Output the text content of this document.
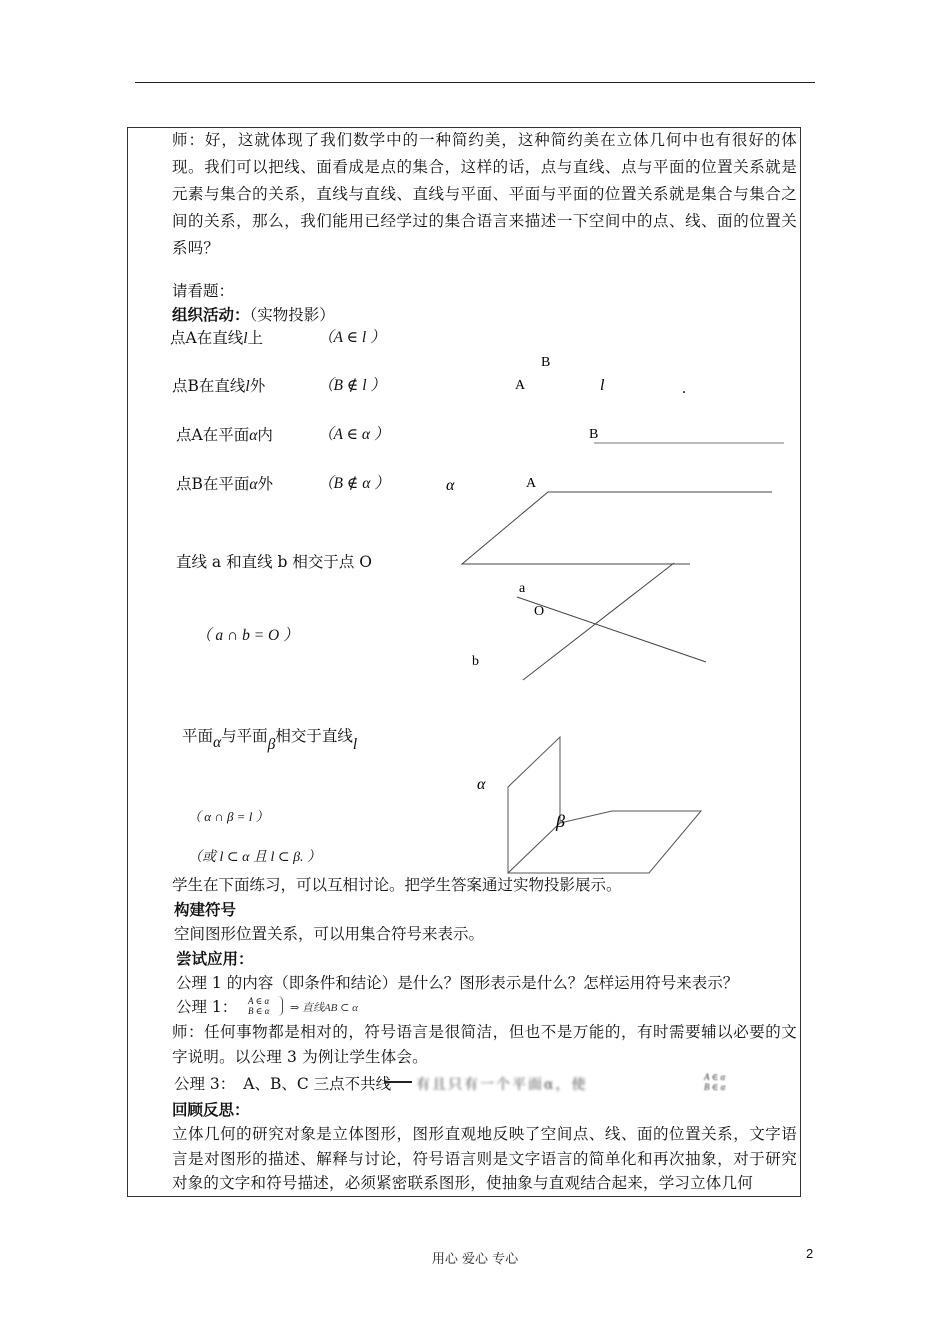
师：好，这就体现了我们数学中的一种简约美，这种简约美在立体几何中也有很好的体现。我们可以把线、面看成是点的集合，这样的话，点与直线、点与平面的位置关系就是元素与集合的关系，直线与直线、直线与平面、平面与平面的位置关系就是集合与集合之间的关系，那么，我们能用已经学过的集合语言来描述一下空间中的点、线、面的位置关系吗？
请看题：
组织活动：（实物投影）
点A在直线l上	（A ∈ l ）
点B在直线l外	（B ∉ l ）
点A在平面α内	（A ∈ α ）
点B在平面α外	（B ∉ α ）
直线 a 和直线 b 相交于点 O
（ a ∩ b = O ）
平面α与平面β相交于直线l
（ α ∩ β = l ）
（或 l ⊂ α 且 l ⊂ β. ）
B
A	l	.
B
α	A
a
O
b
α
β
学生在下面练习，可以互相讨论。把学生答案通过实物投影展示。
构建符号
空间图形位置关系，可以用集合符号来表示。
尝试应用：
公理 1 的内容（即条件和结论）是什么？图形表示是什么？怎样运用符号来表示？
公理 1： A ∈ α
B ∈ α ⇒ 直线AB ⊂ α
师：任何事物都是相对的，符号语言是很简洁，但也不是万能的，有时需要辅以必要的文字说明。以公理 3 为例让学生体会。
公理 3： A、B、C 三点不共线 有且只有一个平面α，使	A ∈ α
B ∈ α
回顾反思：
立体几何的研究对象是立体图形，图形直观地反映了空间点、线、面的位置关系，文字语言是对图形的描述、解释与讨论，符号语言则是文字语言的简单化和再次抽象，对于研究对象的文字和符号描述，必须紧密联系图形，使抽象与直观结合起来，学习立体几何
用心 爱心 专心	2
